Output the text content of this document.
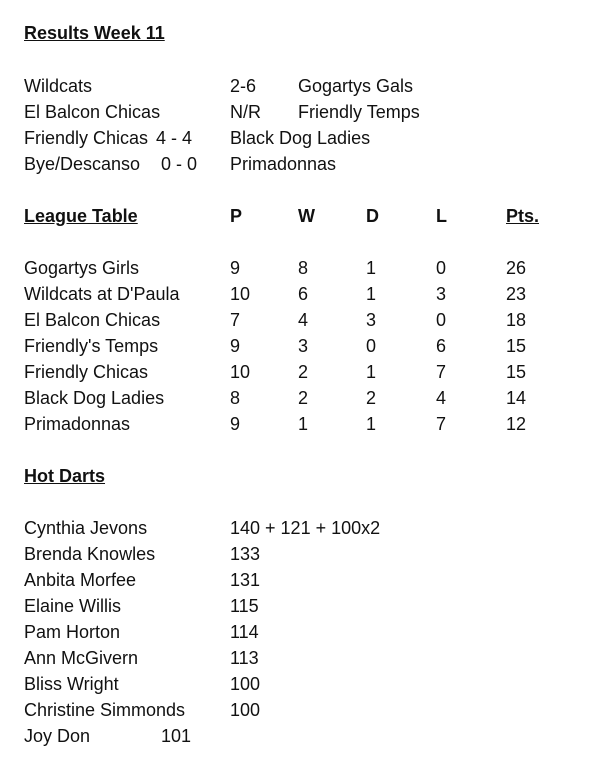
Results Week 11
Wildcats	2-6 Gogartys Gals
El Balcon Chicas	N/R Friendly Temps
Friendly Chicas 4 - 4 Black Dog Ladies
Bye/Descanso 0 - 0 Primadonnas
League Table	P	W	D	L	Pts.
Gogartys Girls	9	8	1	0	26
Wildcats at D'Paula	10	6	1	3	23
El Balcon Chicas	7	4	3	0	18
Friendly's Temps	9	3	0	6	15
Friendly Chicas	10	2	1	7	15
Black Dog Ladies	8	2	2	4	14
Primadonnas	9	1	1	7	12
Hot Darts
Cynthia Jevons	140 + 121 + 100x2
Brenda Knowles	133
Anbita Morfee	131
Elaine Willis	115
Pam Horton	114
Ann McGivern	113
Bliss Wright	100
Christine Simmonds 100
Joy Don	101
